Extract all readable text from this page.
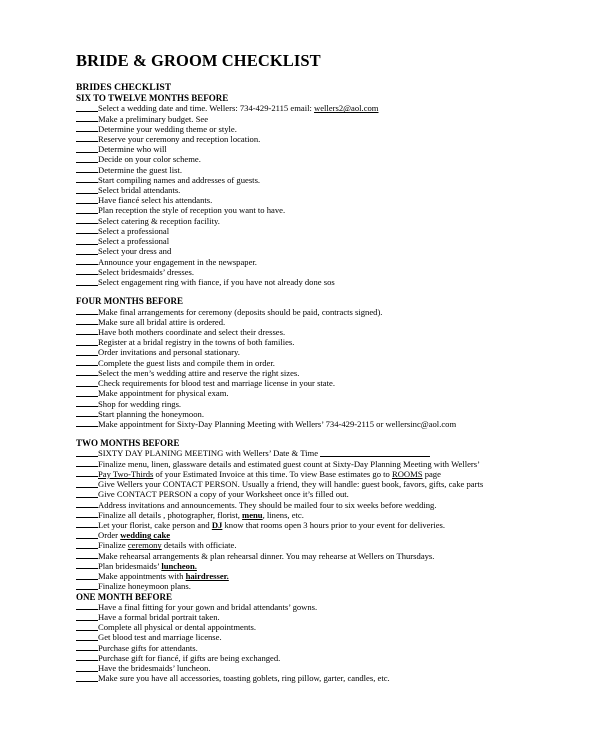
BRIDE & GROOM CHECKLIST
BRIDES CHECKLIST
SIX TO TWELVE MONTHS BEFORE
Select a wedding date and time. Wellers: 734-429-2115 email: wellers2@aol.com
Make a preliminary budget. See
Determine your wedding theme or style.
Reserve your ceremony and reception location.
Determine who will
Decide on your color scheme.
Determine the guest list.
Start compiling names and addresses of guests.
Select bridal attendants.
Have fiancé select his attendants.
Plan reception the style of reception you want to have.
Select catering & reception facility.
Select a professional
Select a professional
Select your dress and
Announce your engagement in the newspaper.
Select bridesmaids’ dresses.
Select engagement ring with fiance, if you have not already done sos
FOUR MONTHS BEFORE
Make final arrangements for ceremony (deposits should be paid, contracts signed).
Make sure all bridal attire is ordered.
Have both mothers coordinate and select their dresses.
Register at a bridal registry in the towns of both families.
Order invitations and personal stationary.
Complete the guest lists and compile them in order.
Select the men’s wedding attire and reserve the right sizes.
Check requirements for blood test and marriage license in your state.
Make appointment for physical exam.
Shop for wedding rings.
Start planning the honeymoon.
Make appointment for Sixty-Day Planning Meeting with Wellers’ 734-429-2115 or wellersinc@aol.com
TWO MONTHS BEFORE
SIXTY DAY PLANING MEETING with Wellers’ Date & Time
Finalize menu, linen, glassware details and estimated guest count at Sixty-Day Planning Meeting with Wellers’
Pay Two-Thirds of your Estimated Invoice at this time. To view Base estimates go to ROOMS page
Give Wellers your CONTACT PERSON. Usually a friend, they will handle: guest book, favors, gifts, cake parts
Give CONTACT PERSON a copy of your Worksheet once it’s filled out.
Address invitations and announcements. They should be mailed four to six weeks before wedding.
Finalize all details , photographer, florist, menu, linens, etc.
Let your florist, cake person and DJ know that rooms open 3 hours prior to your event for deliveries.
Order wedding cake
Finalize ceremony details with officiate.
Make rehearsal arrangements & plan rehearsal dinner. You may rehearse at Wellers on Thursdays.
Plan bridesmaids’ luncheon.
Make appointments with hairdresser.
Finalize honeymoon plans.
ONE MONTH BEFORE
Have a final fitting for your gown and bridal attendants’ gowns.
Have a formal bridal portrait taken.
Complete all physical or dental appointments.
Get blood test and marriage license.
Purchase gifts for attendants.
Purchase gift for fiancé, if gifts are being exchanged.
Have the bridesmaids’ luncheon.
Make sure you have all accessories, toasting goblets, ring pillow, garter, candles, etc.
